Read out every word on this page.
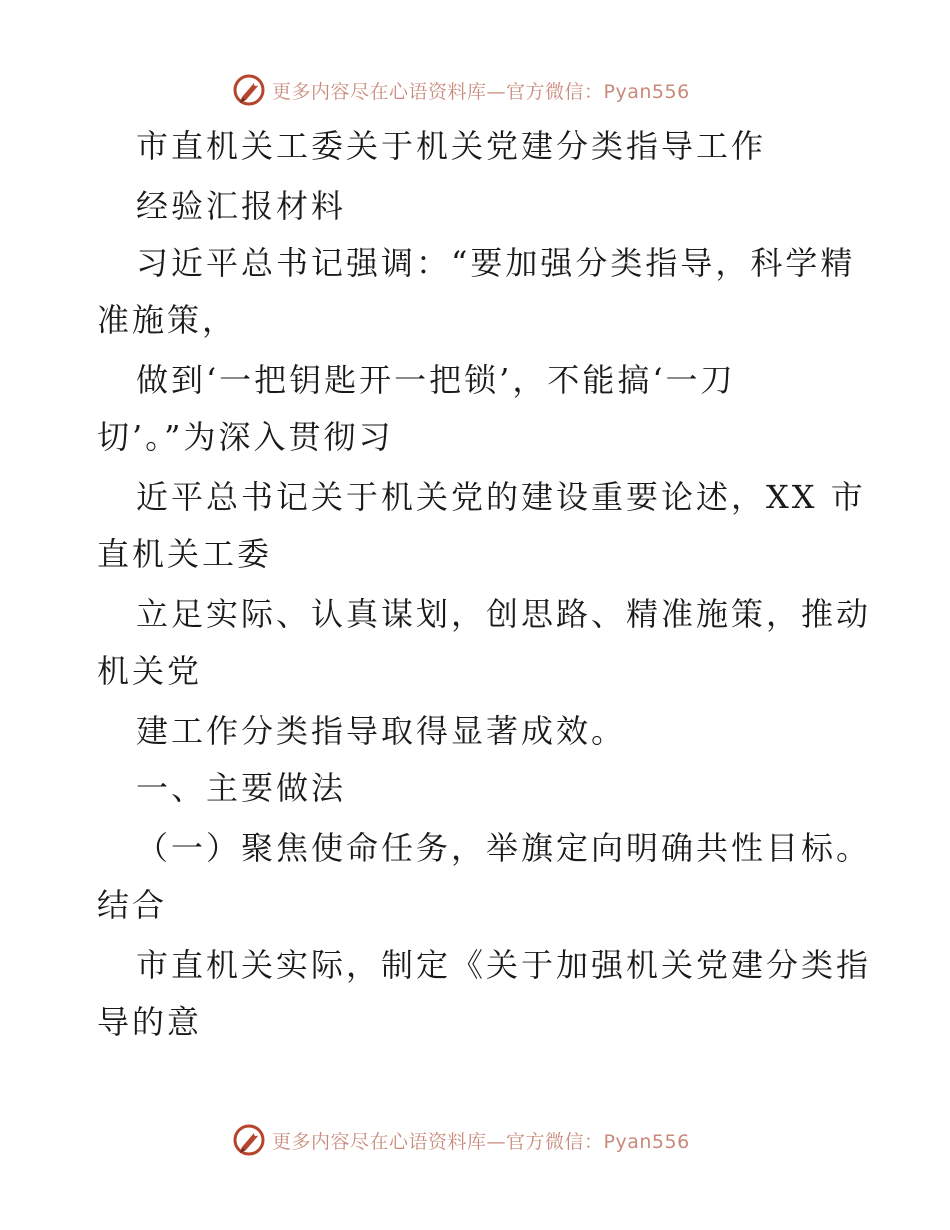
更多内容尽在心语资料库—官方微信：Pyan556
市直机关工委关于机关党建分类指导工作
经验汇报材料
习近平总书记强调：“要加强分类指导，科学精
准施策，
做到‘一把钥匙开一把锁’，不能搞‘一刀
切’。”为深入贯彻习
近平总书记关于机关党的建设重要论述，XX 市
直机关工委
立足实际、认真谋划，创思路、精准施策，推动
机关党
建工作分类指导取得显著成效。
一、主要做法
（一）聚焦使命任务，举旗定向明确共性目标。
结合
市直机关实际，制定《关于加强机关党建分类指
导的意
更多内容尽在心语资料库—官方微信：Pyan556
